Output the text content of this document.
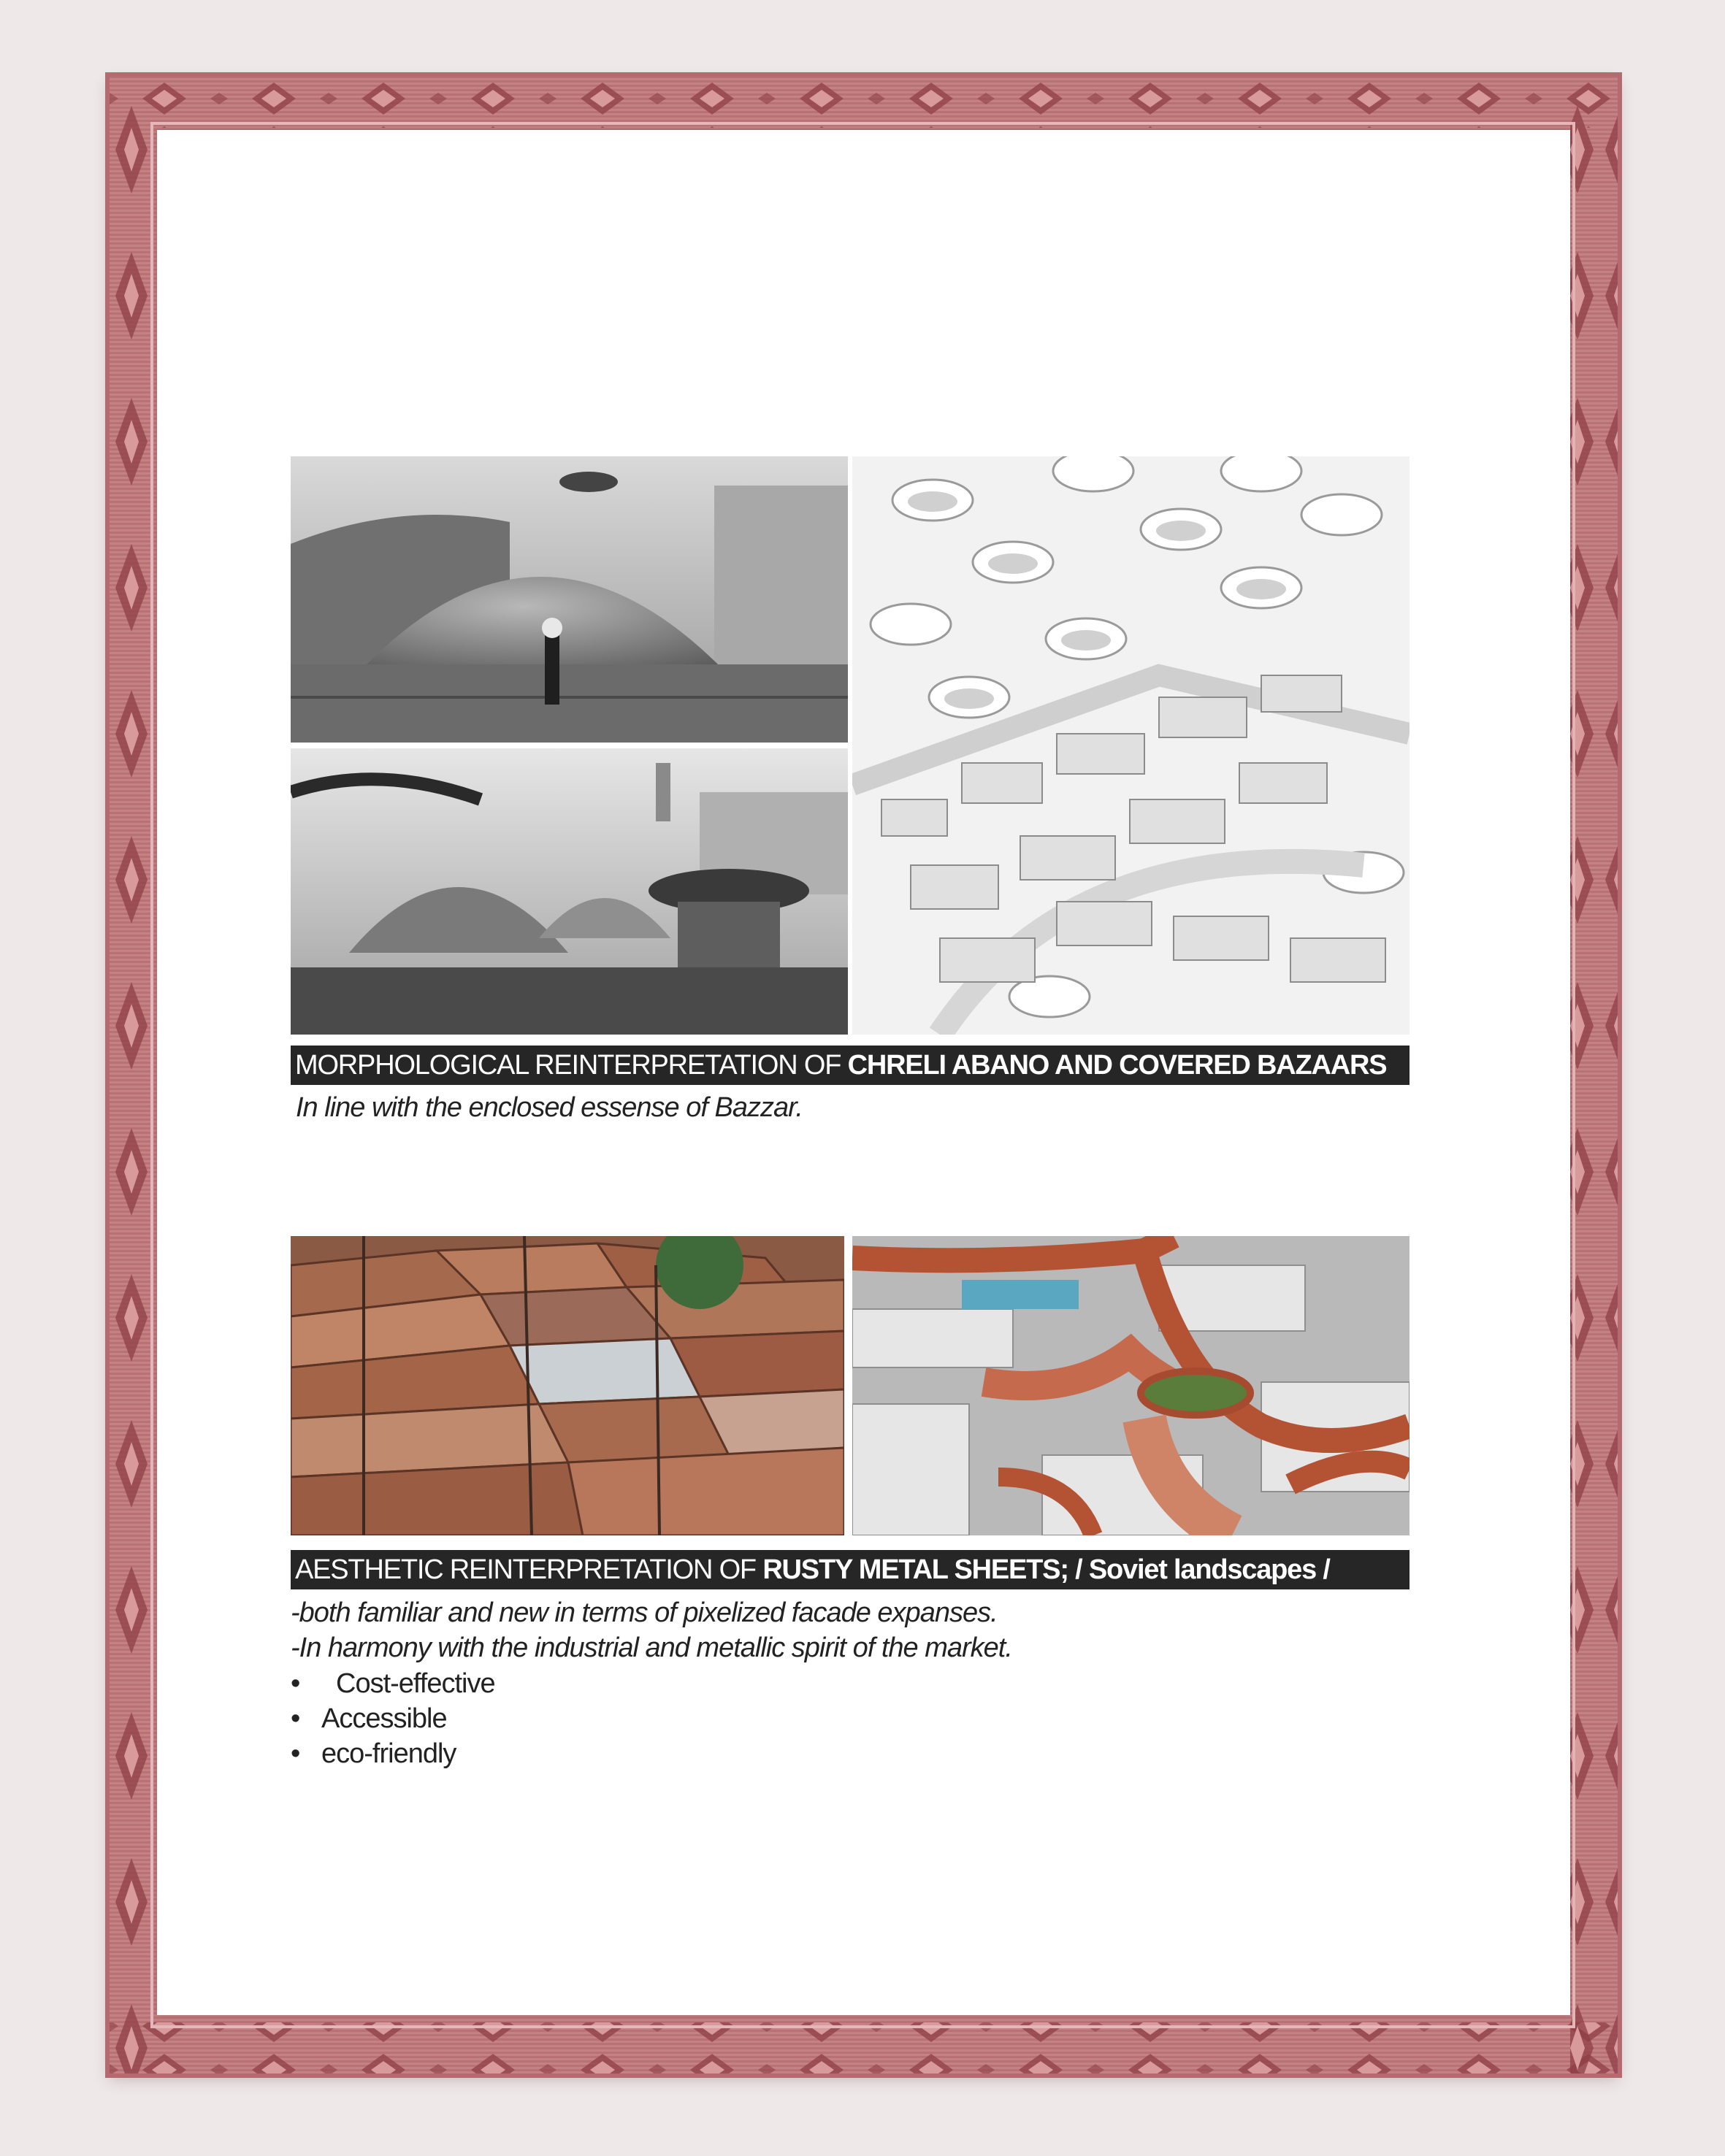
MORPHOLOGICAL REINTERPRETATION OF CHRELI ABANO AND COVERED BAZAARS
In line with the enclosed essense of Bazzar.
AESTHETIC REINTERPRETATION OF RUSTY METAL SHEETS; / Soviet landscapes /
-both familiar and new in terms of pixelized facade expanses.
-In harmony with the industrial and metallic spirit of the market.
• Cost-effective
• Accessible
• eco-friendly
